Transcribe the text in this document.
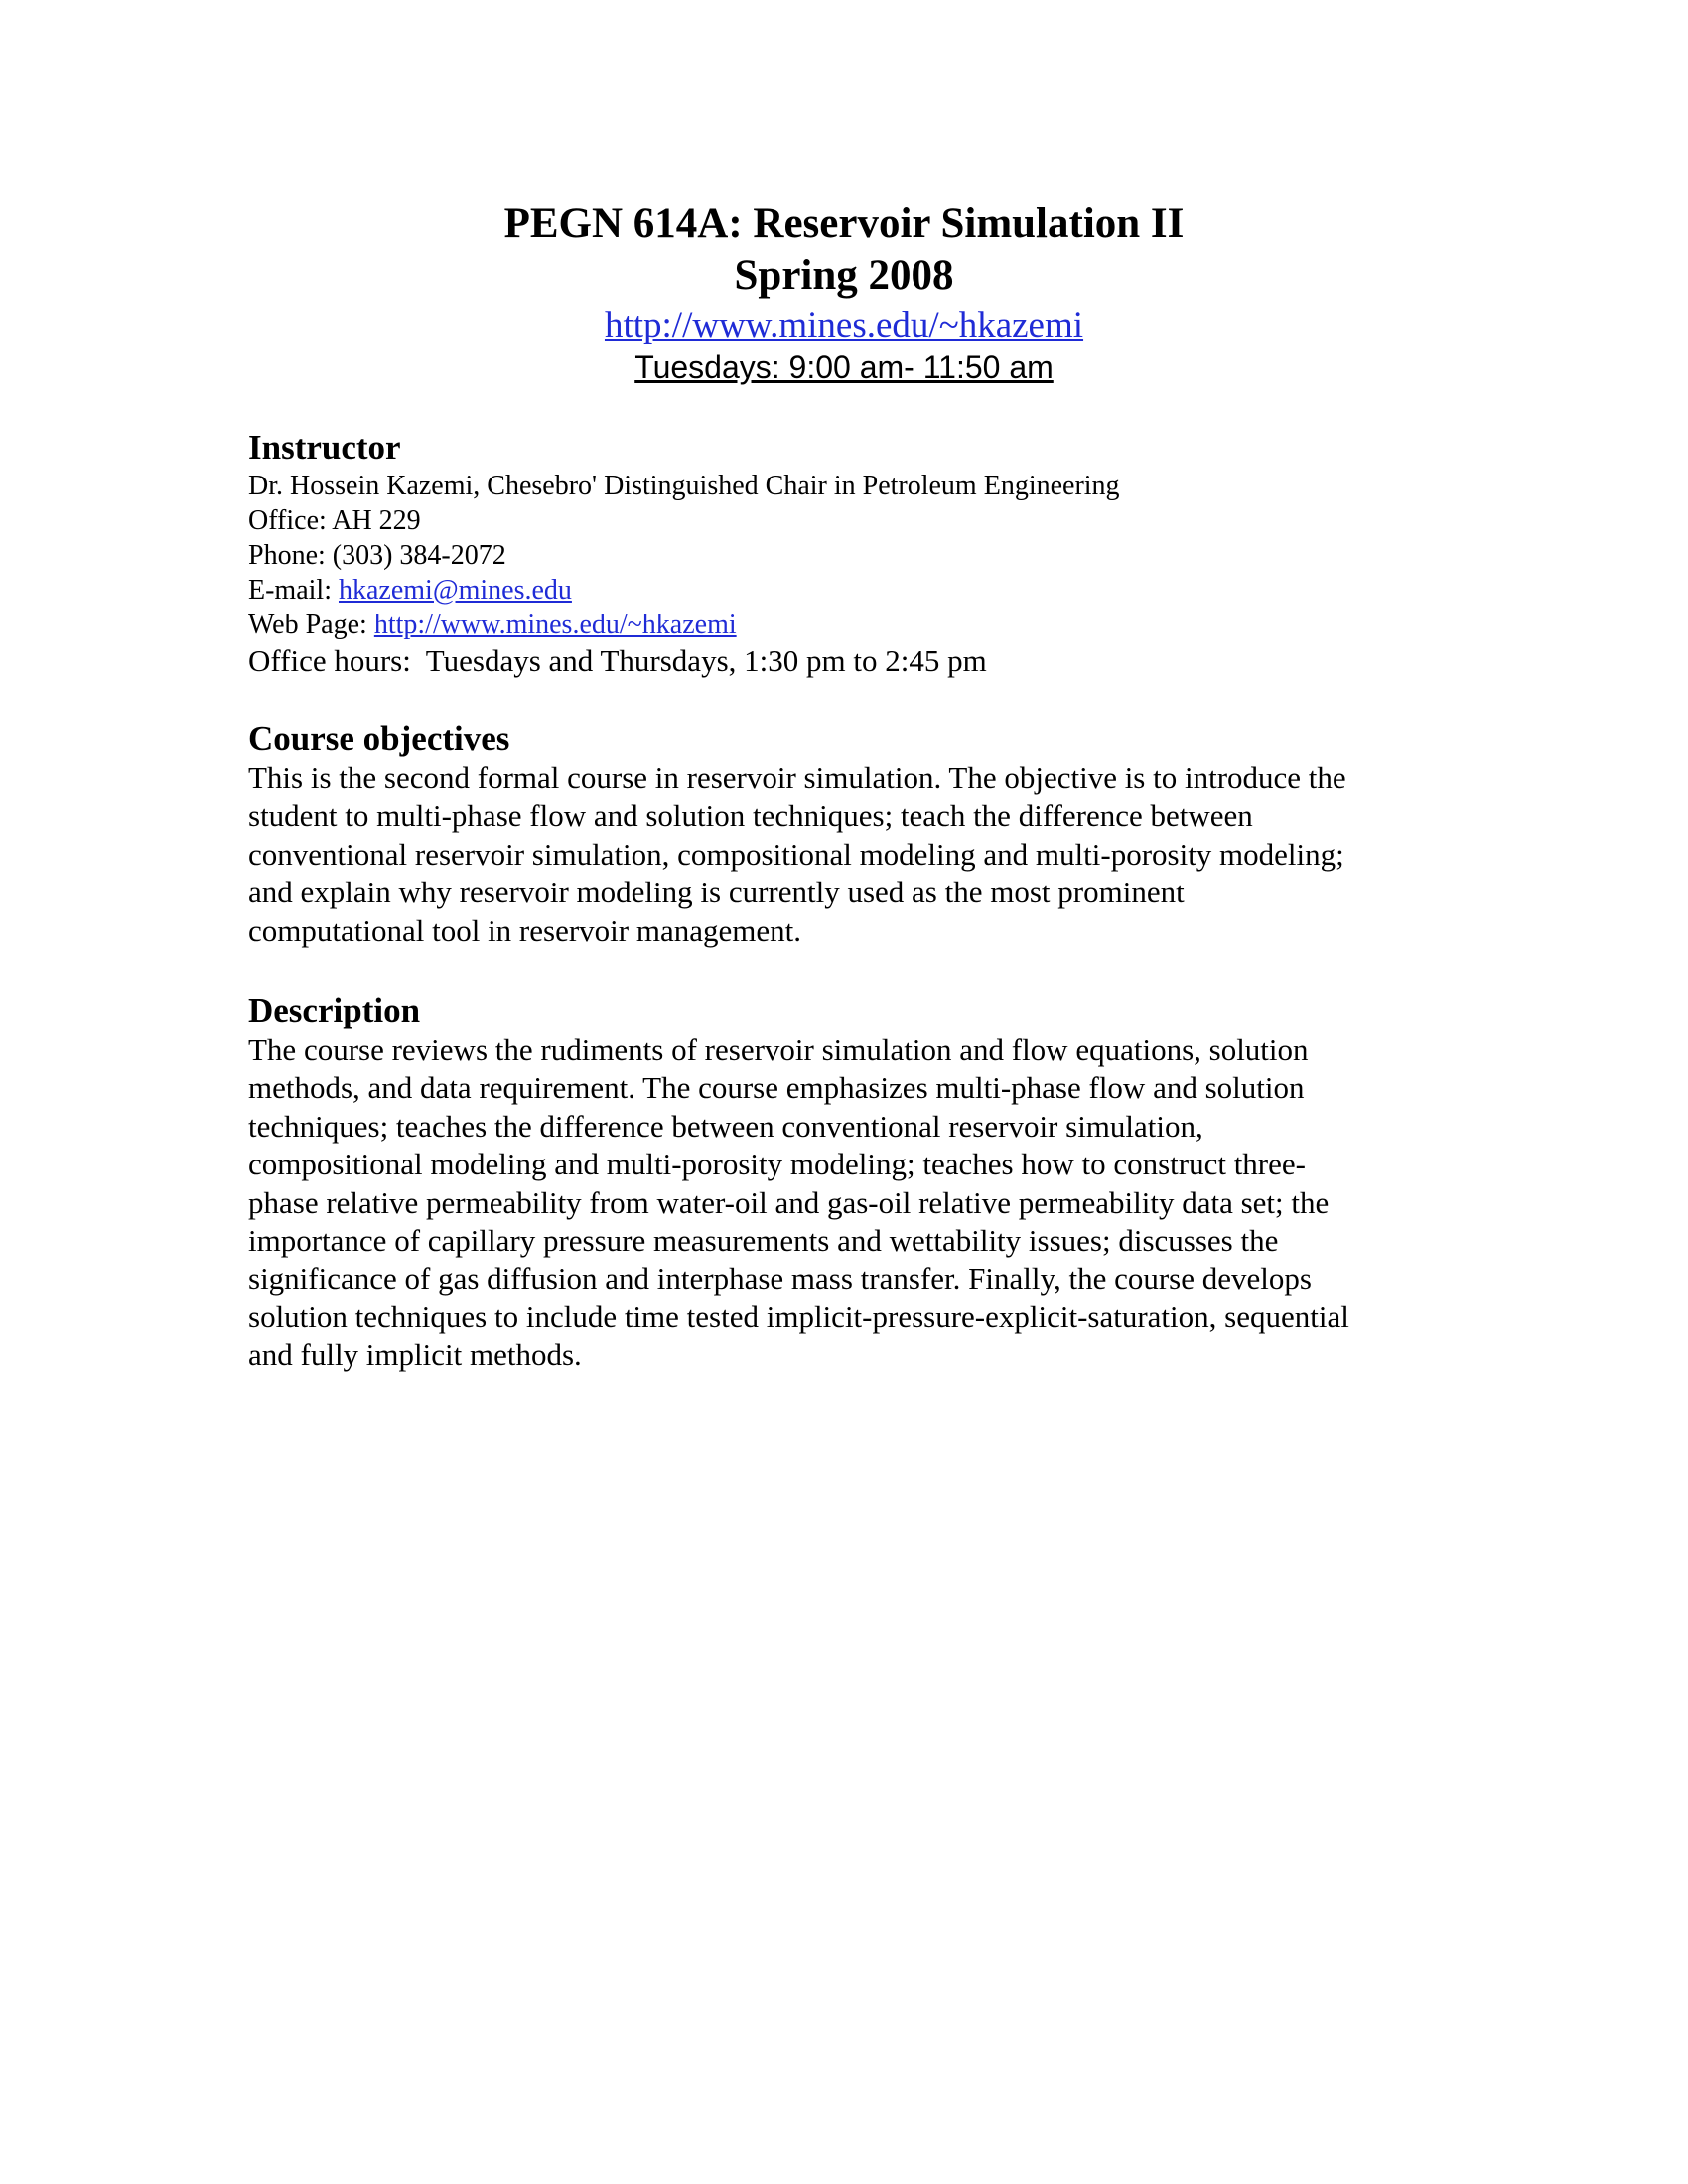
PEGN 614A: Reservoir Simulation II
Spring 2008
http://www.mines.edu/~hkazemi
Tuesdays: 9:00 am- 11:50 am
Instructor
Dr. Hossein Kazemi, Chesebro' Distinguished Chair in Petroleum Engineering
Office: AH 229
Phone: (303) 384-2072
E-mail: hkazemi@mines.edu
Web Page: http://www.mines.edu/~hkazemi
Office hours:  Tuesdays and Thursdays, 1:30 pm to 2:45 pm
Course objectives
This is the second formal course in reservoir simulation. The objective is to introduce the
student to multi-phase flow and solution techniques; teach the difference between
conventional reservoir simulation, compositional modeling and multi-porosity modeling;
and explain why reservoir modeling is currently used as the most prominent
computational tool in reservoir management.
Description
The course reviews the rudiments of reservoir simulation and flow equations, solution
methods, and data requirement. The course emphasizes multi-phase flow and solution
techniques; teaches the difference between conventional reservoir simulation,
compositional modeling and multi-porosity modeling; teaches how to construct three-
phase relative permeability from water-oil and gas-oil relative permeability data set; the
importance of capillary pressure measurements and wettability issues; discusses the
significance of gas diffusion and interphase mass transfer. Finally, the course develops
solution techniques to include time tested implicit-pressure-explicit-saturation, sequential
and fully implicit methods.
